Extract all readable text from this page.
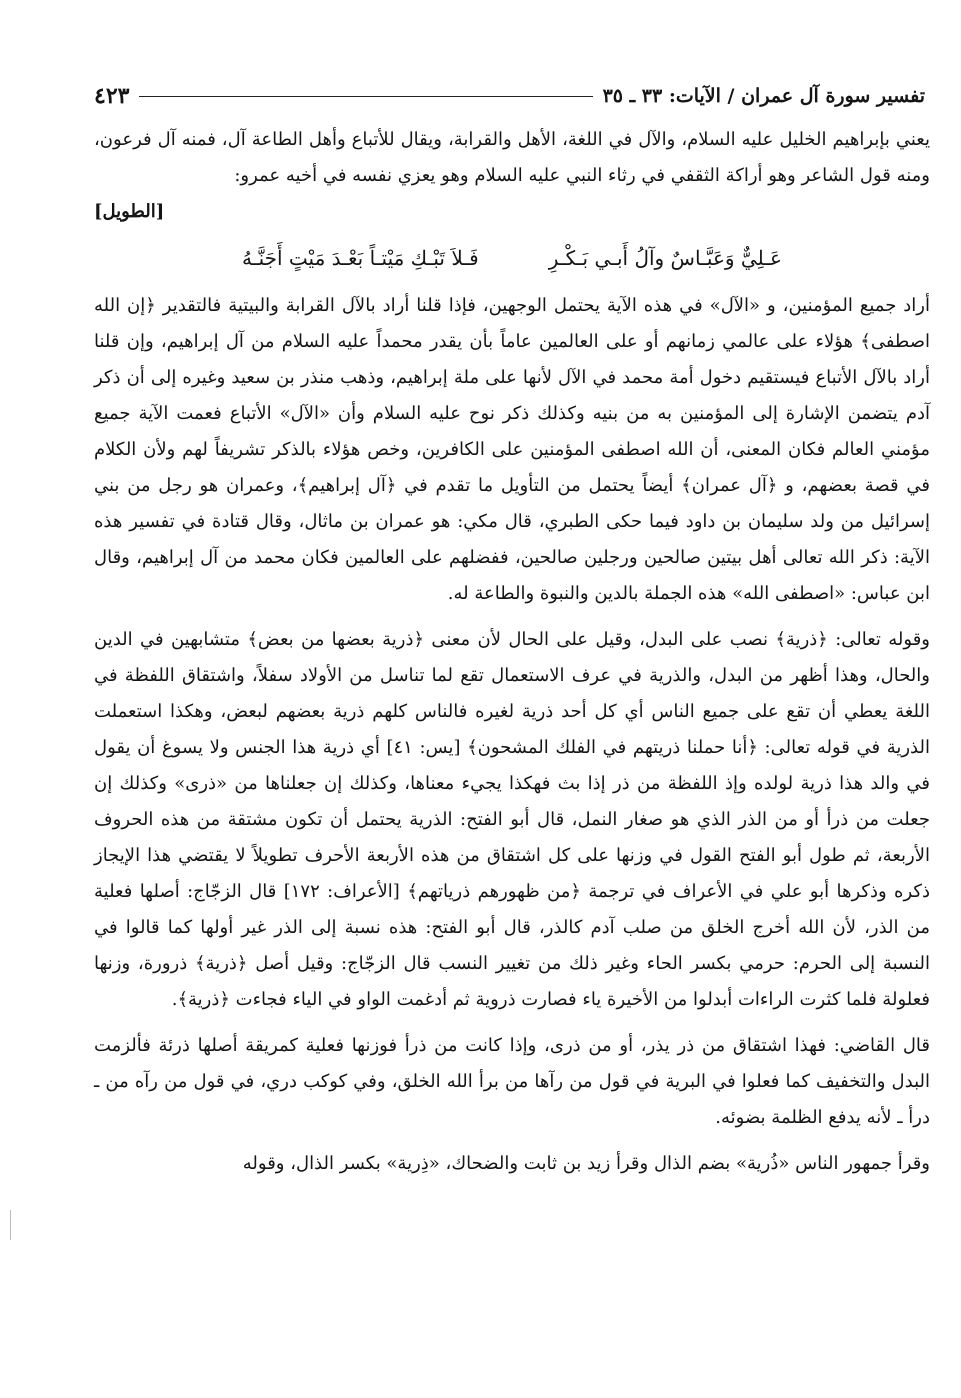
تفسير سورة آل عمران / الآيات: ٣٣ ـ ٣٥
٤٢٣

يعني بإبراهيم الخليل عليه السلام، والآل في اللغة، الأهل والقرابة، ويقال للأتباع وأهل الطاعة آل، فمنه آل فرعون، ومنه قول الشاعر وهو أراكة الثقفي في رثاء النبي عليه السلام وهو يعزي نفسه في أخيه عمرو:

[الطويل]

فَـلاَ تَبْـكِ مَيْتـاً بَعْـدَ مَيْتٍ أَجَنَّـهُ	عَـلِيٌّ وَعَبَّـاسٌ وآلُ أَبـي بَـكْـرِ

أراد جميع المؤمنين، و «الآل» في هذه الآية يحتمل الوجهين، فإذا قلنا أراد بالآل القرابة والبيتية فالتقدير ﴿إن الله اصطفى﴾ هؤلاء على عالمي زمانهم أو على العالمين عاماً بأن يقدر محمداً عليه السلام من آل إبراهيم، وإن قلنا أراد بالآل الأتباع فيستقيم دخول أمة محمد في الآل لأنها على ملة إبراهيم، وذهب منذر بن سعيد وغيره إلى أن ذكر آدم يتضمن الإشارة إلى المؤمنين به من بنيه وكذلك ذكر نوح عليه السلام وأن «الآل» الأتباع فعمت الآية جميع مؤمني العالم فكان المعنى، أن الله اصطفى المؤمنين على الكافرين، وخص هؤلاء بالذكر تشريفاً لهم ولأن الكلام في قصة بعضهم، و ﴿آل عمران﴾ أيضاً يحتمل من التأويل ما تقدم في ﴿آل إبراهيم﴾، وعمران هو رجل من بني إسرائيل من ولد سليمان بن داود فيما حكى الطبري، قال مكي: هو عمران بن ماثال، وقال قتادة في تفسير هذه الآية: ذكر الله تعالى أهل بيتين صالحين ورجلين صالحين، ففضلهم على العالمين فكان محمد من آل إبراهيم، وقال ابن عباس: «اصطفى الله» هذه الجملة بالدين والنبوة والطاعة له.

وقوله تعالى: ﴿ذرية﴾ نصب على البدل، وقيل على الحال لأن معنى ﴿ذرية بعضها من بعض﴾ متشابهين في الدين والحال، وهذا أظهر من البدل، والذرية في عرف الاستعمال تقع لما تناسل من الأولاد سفلاً، واشتقاق اللفظة في اللغة يعطي أن تقع على جميع الناس أي كل أحد ذرية لغيره فالناس كلهم ذرية بعضهم لبعض، وهكذا استعملت الذرية في قوله تعالى: ﴿أنا حملنا ذريتهم في الفلك المشحون﴾ [يس: ٤١] أي ذرية هذا الجنس ولا يسوغ أن يقول في والد هذا ذرية لولده وإذ اللفظة من ذر إذا بث فهكذا يجيء معناها، وكذلك إن جعلناها من «ذرى» وكذلك إن جعلت من ذرأ أو من الذر الذي هو صغار النمل، قال أبو الفتح: الذرية يحتمل أن تكون مشتقة من هذه الحروف الأربعة، ثم طول أبو الفتح القول في وزنها على كل اشتقاق من هذه الأربعة الأحرف تطويلاً لا يقتضي هذا الإيجاز ذكره وذكرها أبو علي في الأعراف في ترجمة ﴿من ظهورهم ذرياتهم﴾ [الأعراف: ١٧٢] قال الزجّاج: أصلها فعلية من الذر، لأن الله أخرج الخلق من صلب آدم كالذر، قال أبو الفتح: هذه نسبة إلى الذر غير أولها كما قالوا في النسبة إلى الحرم: حرمي بكسر الحاء وغير ذلك من تغيير النسب قال الزجّاج: وقيل أصل ﴿ذرية﴾ ذرورة، وزنها فعلولة فلما كثرت الراءات أبدلوا من الأخيرة ياء فصارت ذروية ثم أدغمت الواو في الياء فجاءت ﴿ذرية﴾.

قال القاضي: فهذا اشتقاق من ذر يذر، أو من ذرى، وإذا كانت من ذرأ فوزنها فعلية كمريقة أصلها ذرئة فألزمت البدل والتخفيف كما فعلوا في البرية في قول من رآها من برأ الله الخلق، وفي كوكب دري، في قول من رآه من ـ درأ ـ لأنه يدفع الظلمة بضوئه.

وقرأ جمهور الناس «ذُرية» بضم الذال وقرأ زيد بن ثابت والضحاك، «ذِرية» بكسر الذال، وقوله
